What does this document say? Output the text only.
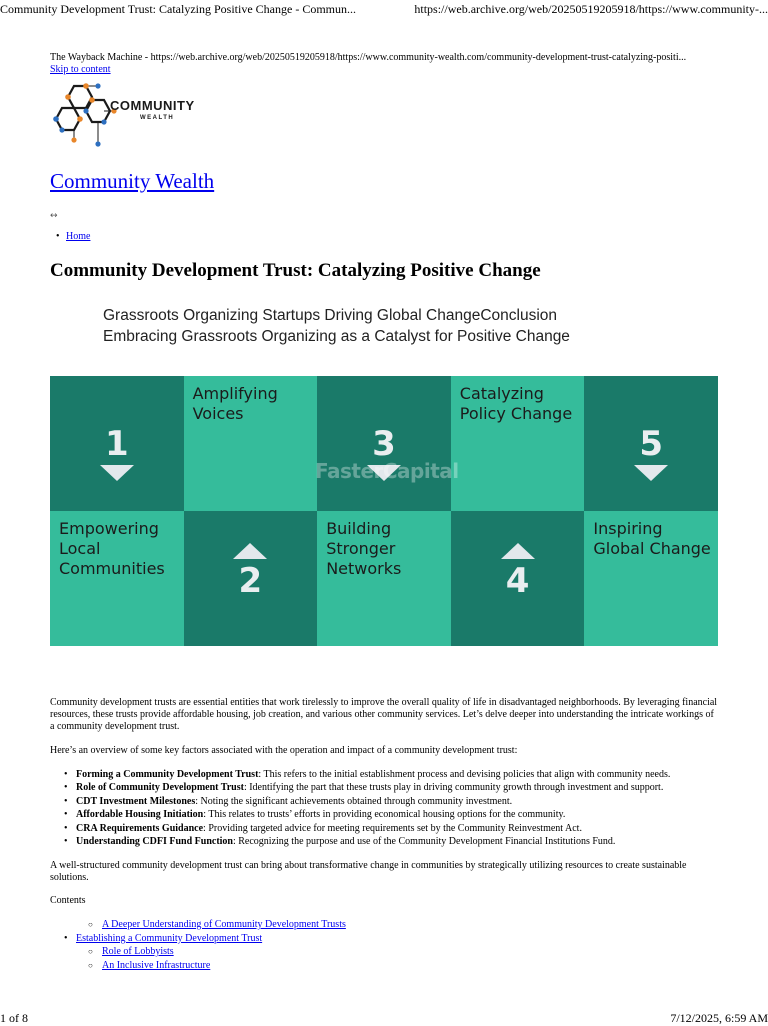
Community Development Trust: Catalyzing Positive Change - Commun...	https://web.archive.org/web/20250519205918/https://www.community-...
The Wayback Machine - https://web.archive.org/web/20250519205918/https://www.community-wealth.com/community-development-trust-catalyzing-positi...
Skip to content
COMMUNITY
WEALTH
Community Wealth
↔
• Home
Community Development Trust: Catalyzing Positive Change
Grassroots Organizing Startups Driving Global ChangeConclusion
Embracing Grassroots Organizing as a Catalyst for Positive Change
1
Amplifying
Voices
3
Catalyzing
Policy Change
5
Empowering
Local
Communities	2
Building
Stronger
Networks	4
Inspiring
Global Change
FasterCapital
Community development trusts are essential entities that work tirelessly to improve the overall quality of life in disadvantaged neighborhoods. By leveraging financial resources, these trusts provide affordable housing, job creation, and various other community services. Let’s delve deeper into understanding the intricate workings of a community development trust.
Here’s an overview of some key factors associated with the operation and impact of a community development trust:
• Forming a Community Development Trust: This refers to the initial establishment process and devising policies that align with community needs.
• Role of Community Development Trust: Identifying the part that these trusts play in driving community growth through investment and support.
• CDT Investment Milestones: Noting the significant achievements obtained through community investment.
• Affordable Housing Initiation: This relates to trusts’ efforts in providing economical housing options for the community.
• CRA Requirements Guidance: Providing targeted advice for meeting requirements set by the Community Reinvestment Act.
• Understanding CDFI Fund Function: Recognizing the purpose and use of the Community Development Financial Institutions Fund.
A well-structured community development trust can bring about transformative change in communities by strategically utilizing resources to create sustainable solutions.
Contents
○ A Deeper Understanding of Community Development Trusts
• Establishing a Community Development Trust
○ Role of Lobbyists
○ An Inclusive Infrastructure
1 of 8	7/12/2025, 6:59 AM
